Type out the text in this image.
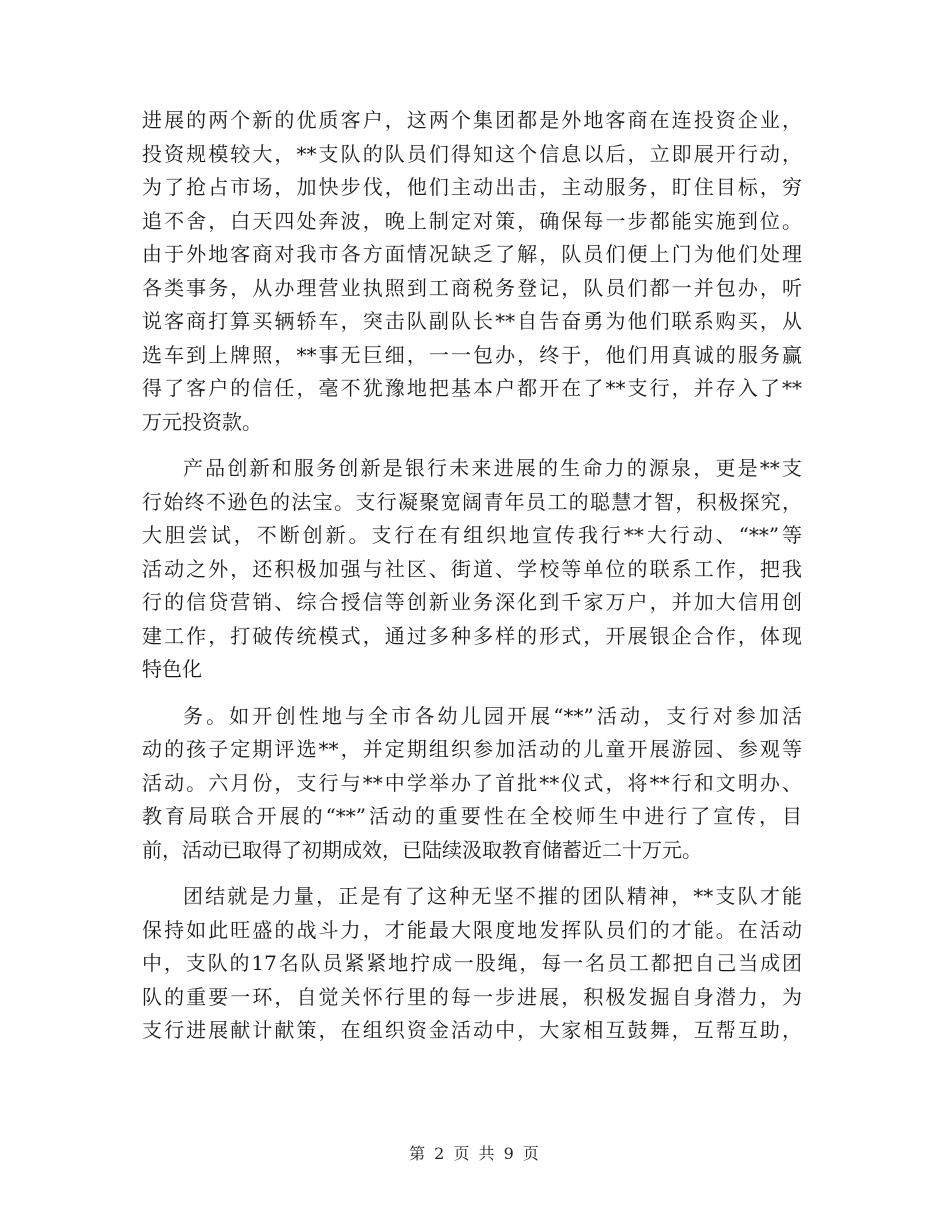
进展的两个新的优质客户，这两个集团都是外地客商在连投资企业，
投资规模较大，**支队的队员们得知这个信息以后，立即展开行动，
为了抢占市场，加快步伐，他们主动出击，主动服务，盯住目标，穷
追不舍，白天四处奔波，晚上制定对策，确保每一步都能实施到位。
由于外地客商对我市各方面情况缺乏了解，队员们便上门为他们处理
各类事务，从办理营业执照到工商税务登记，队员们都一并包办，听
说客商打算买辆轿车，突击队副队长**自告奋勇为他们联系购买，从
选车到上牌照，**事无巨细，一一包办，终于，他们用真诚的服务赢
得了客户的信任，毫不犹豫地把基本户都开在了**支行，并存入了**
万元投资款。

产品创新和服务创新是银行未来进展的生命力的源泉，更是**支
行始终不逊色的法宝。支行凝聚宽阔青年员工的聪慧才智，积极探究，
大胆尝试，不断创新。支行在有组织地宣传我行**大行动、“**”等
活动之外，还积极加强与社区、街道、学校等单位的联系工作，把我
行的信贷营销、综合授信等创新业务深化到千家万户，并加大信用创
建工作，打破传统模式，通过多种多样的形式，开展银企合作，体现
特色化

务。如开创性地与全市各幼儿园开展“**”活动，支行对参加活
动的孩子定期评选**，并定期组织参加活动的儿童开展游园、参观等
活动。六月份，支行与**中学举办了首批**仪式，将**行和文明办、
教育局联合开展的“**”活动的重要性在全校师生中进行了宣传，目
前，活动已取得了初期成效，已陆续汲取教育储蓄近二十万元。

团结就是力量，正是有了这种无坚不摧的团队精神，**支队才能
保持如此旺盛的战斗力，才能最大限度地发挥队员们的才能。在活动
中，支队的17名队员紧紧地拧成一股绳，每一名员工都把自己当成团
队的重要一环，自觉关怀行里的每一步进展，积极发掘自身潜力，为
支行进展献计献策，在组织资金活动中，大家相互鼓舞，互帮互助，

第 2 页 共 9 页
